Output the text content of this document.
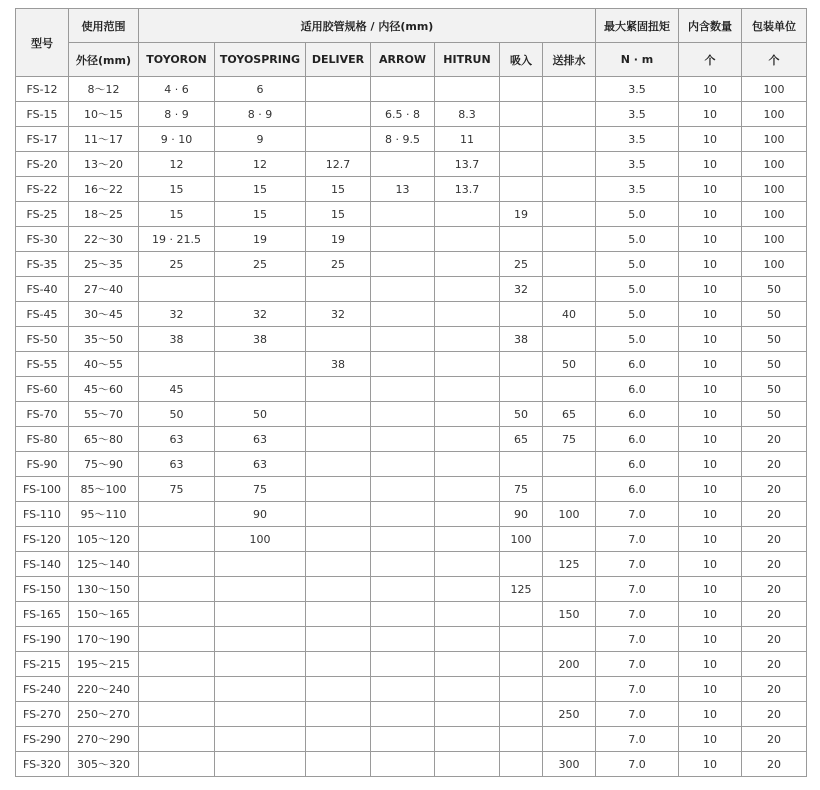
型号	使用范围	适用胶管规格 / 内径(mm)							最大紧固扭矩	内含数量	包装单位
	外径(mm)	TOYORON	TOYOSPRING	DELIVER	ARROW	HITRUN	吸入	送排水	N · m	个	个
FS-12	8～12	4 · 6	6						3.5	10	100
FS-15	10～15	8 · 9	8 · 9		6.5 · 8	8.3			3.5	10	100
FS-17	11～17	9 · 10	9		8 · 9.5	11			3.5	10	100
FS-20	13～20	12	12	12.7		13.7			3.5	10	100
FS-22	16～22	15	15	15	13	13.7			3.5	10	100
FS-25	18～25	15	15	15			19		5.0	10	100
FS-30	22～30	19 · 21.5	19	19					5.0	10	100
FS-35	25～35	25	25	25			25		5.0	10	100
FS-40	27～40						32		5.0	10	50
FS-45	30～45	32	32	32				40	5.0	10	50
FS-50	35～50	38	38				38		5.0	10	50
FS-55	40～55			38				50	6.0	10	50
FS-60	45～60	45							6.0	10	50
FS-70	55～70	50	50				50	65	6.0	10	50
FS-80	65～80	63	63				65	75	6.0	10	20
FS-90	75～90	63	63						6.0	10	20
FS-100	85～100	75	75				75		6.0	10	20
FS-110	95～110		90				90	100	7.0	10	20
FS-120	105～120		100				100		7.0	10	20
FS-140	125～140							125	7.0	10	20
FS-150	130～150						125		7.0	10	20
FS-165	150～165							150	7.0	10	20
FS-190	170～190								7.0	10	20
FS-215	195～215							200	7.0	10	20
FS-240	220～240								7.0	10	20
FS-270	250～270							250	7.0	10	20
FS-290	270～290								7.0	10	20
FS-320	305～320							300	7.0	10	20
